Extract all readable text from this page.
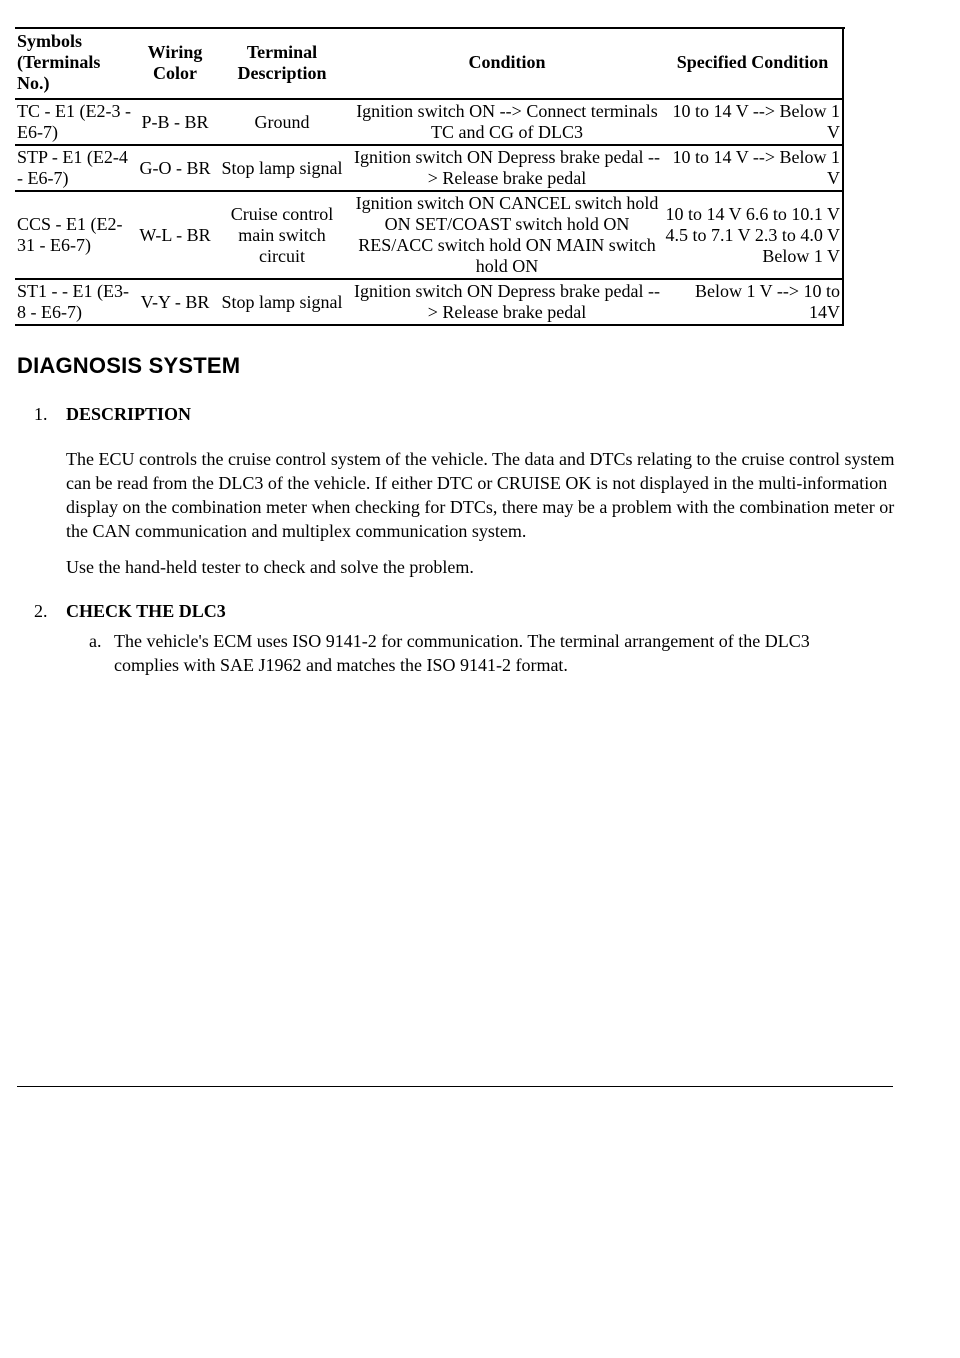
Symbols (Terminals No.)	Wiring Color	Terminal Description	Condition	Specified Condition
TC - E1 (E2-3 - E6-7)	P-B - BR	Ground	Ignition switch ON --> Connect terminals TC and CG of DLC3	10 to 14 V --> Below 1 V
STP - E1 (E2-4 - E6-7)	G-O - BR	Stop lamp signal	Ignition switch ON Depress brake pedal --> Release brake pedal	10 to 14 V --> Below 1 V
CCS - E1 (E2-31 - E6-7)	W-L - BR	Cruise control main switch circuit	Ignition switch ON CANCEL switch hold ON SET/COAST switch hold ON RES/ACC switch hold ON MAIN switch hold ON	10 to 14 V 6.6 to 10.1 V 4.5 to 7.1 V 2.3 to 4.0 V Below 1 V
ST1 - - E1 (E3-8 - E6-7)	V-Y - BR	Stop lamp signal	Ignition switch ON Depress brake pedal --> Release brake pedal	Below 1 V --> 10 to 14V
DIAGNOSIS SYSTEM
1. DESCRIPTION

The ECU controls the cruise control system of the vehicle. The data and DTCs relating to the cruise control system can be read from the DLC3 of the vehicle. If either DTC or CRUISE OK is not displayed in the multi-information display on the combination meter when checking for DTCs, there may be a problem with the combination meter or the CAN communication and multiplex communication system.

Use the hand-held tester to check and solve the problem.

2. CHECK THE DLC3
a. The vehicle's ECM uses ISO 9141-2 for communication. The terminal arrangement of the DLC3 complies with SAE J1962 and matches the ISO 9141-2 format.
